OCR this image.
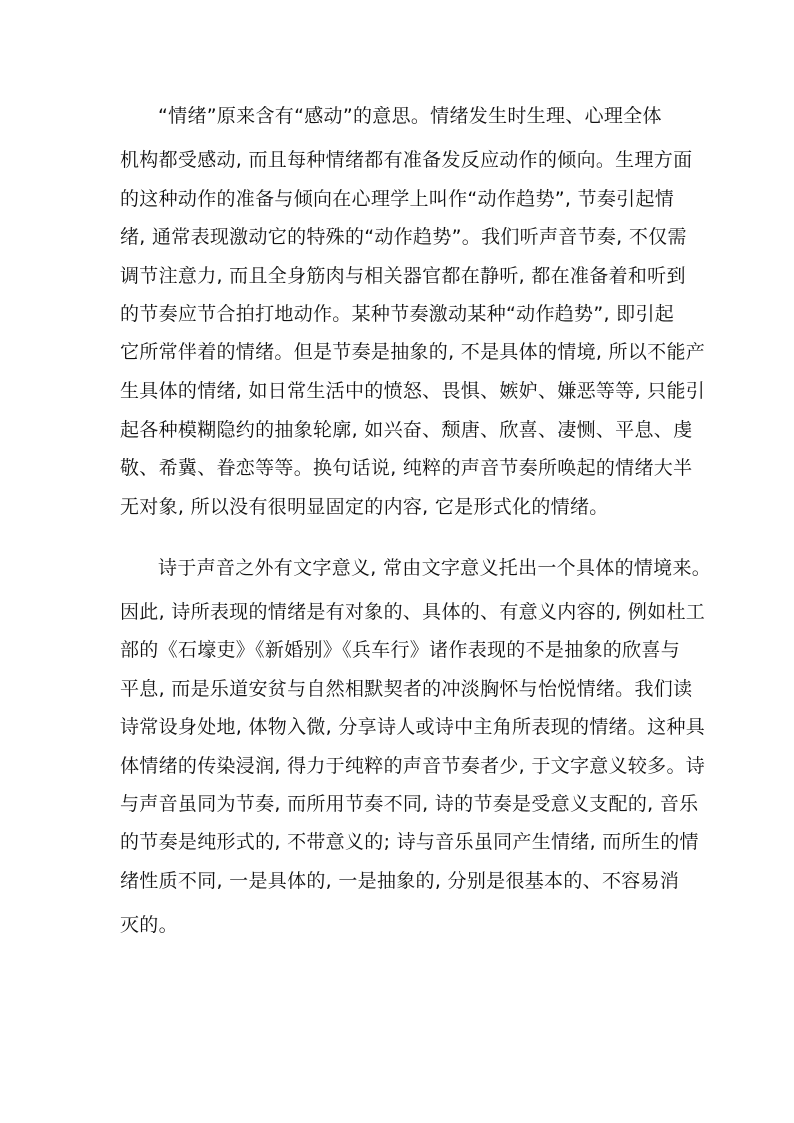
“情绪”原来含有“感动”的意思。情绪发生时生理、心理全体
机构都受感动, 而且每种情绪都有准备发反应动作的倾向。生理方面
的这种动作的准备与倾向在心理学上叫作“动作趋势”, 节奏引起情
绪, 通常表现激动它的特殊的“动作趋势”。我们听声音节奏, 不仅需
调节注意力, 而且全身筋肉与相关器官都在静听, 都在准备着和听到
的节奏应节合拍打地动作。某种节奏激动某种“动作趋势”, 即引起
它所常伴着的情绪。但是节奏是抽象的, 不是具体的情境, 所以不能产
生具体的情绪, 如日常生活中的愤怒、畏惧、嫉妒、嫌恶等等, 只能引
起各种模糊隐约的抽象轮廓, 如兴奋、颓唐、欣喜、凄恻、平息、虔
敬、希冀、眷恋等等。换句话说, 纯粹的声音节奏所唤起的情绪大半
无对象, 所以没有很明显固定的内容, 它是形式化的情绪。
诗于声音之外有文字意义, 常由文字意义托出一个具体的情境来。
因此, 诗所表现的情绪是有对象的、具体的、有意义内容的, 例如杜工
部的《石壕吏》《新婚别》《兵车行》诸作表现的不是抽象的欣喜与
平息, 而是乐道安贫与自然相默契者的冲淡胸怀与怡悦情绪。我们读
诗常设身处地, 体物入微, 分享诗人或诗中主角所表现的情绪。这种具
体情绪的传染浸润, 得力于纯粹的声音节奏者少, 于文字意义较多。诗
与声音虽同为节奏, 而所用节奏不同, 诗的节奏是受意义支配的, 音乐
的节奏是纯形式的, 不带意义的; 诗与音乐虽同产生情绪, 而所生的情
绪性质不同, 一是具体的, 一是抽象的, 分别是很基本的、不容易消
灭的。
